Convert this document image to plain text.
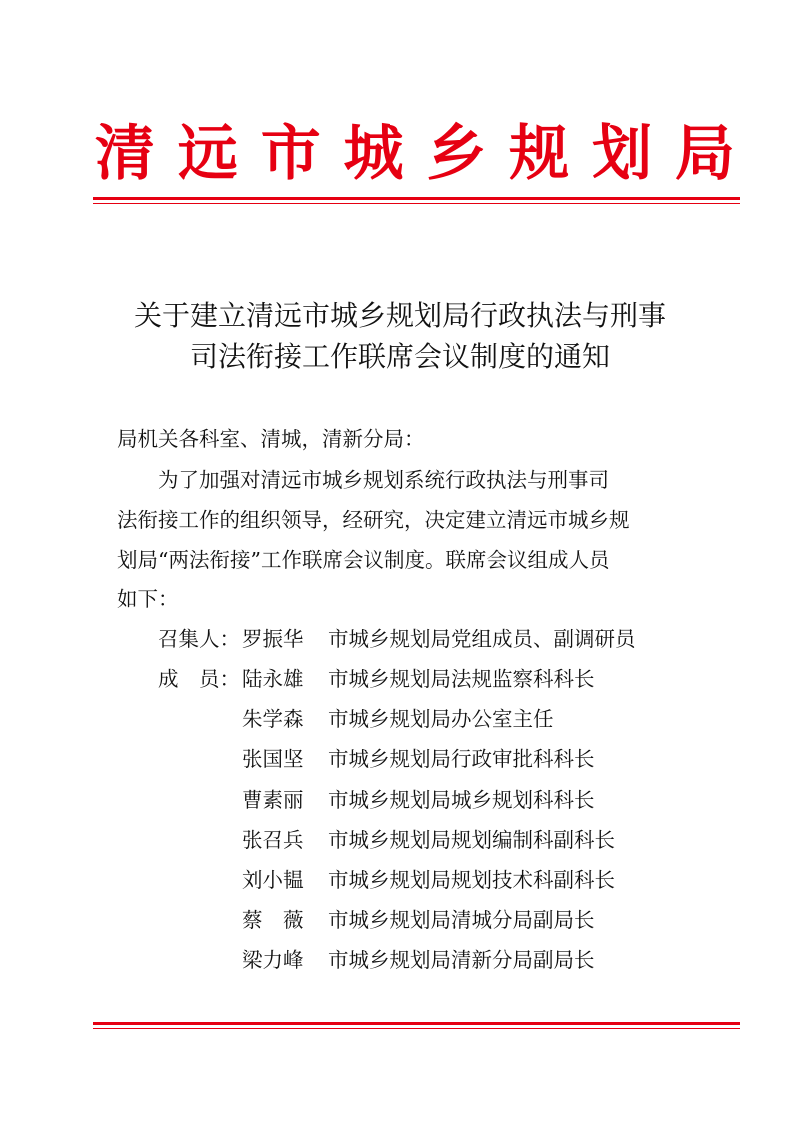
清 远 市 城 乡 规 划 局
关于建立清远市城乡规划局行政执法与刑事
司法衔接工作联席会议制度的通知
局机关各科室、清城，清新分局：
为了加强对清远市城乡规划系统行政执法与刑事司
法衔接工作的组织领导，经研究，决定建立清远市城乡规
划局“两法衔接”工作联席会议制度。联席会议组成人员
如下：
召集人： 罗振华 市城乡规划局党组成员、副调研员
成　员： 陆永雄 市城乡规划局法规监察科科长
朱学森 市城乡规划局办公室主任
张国坚 市城乡规划局行政审批科科长
曹素丽 市城乡规划局城乡规划科科长
张召兵 市城乡规划局规划编制科副科长
刘小韫 市城乡规划局规划技术科副科长
蔡　薇 市城乡规划局清城分局副局长
梁力峰 市城乡规划局清新分局副局长
